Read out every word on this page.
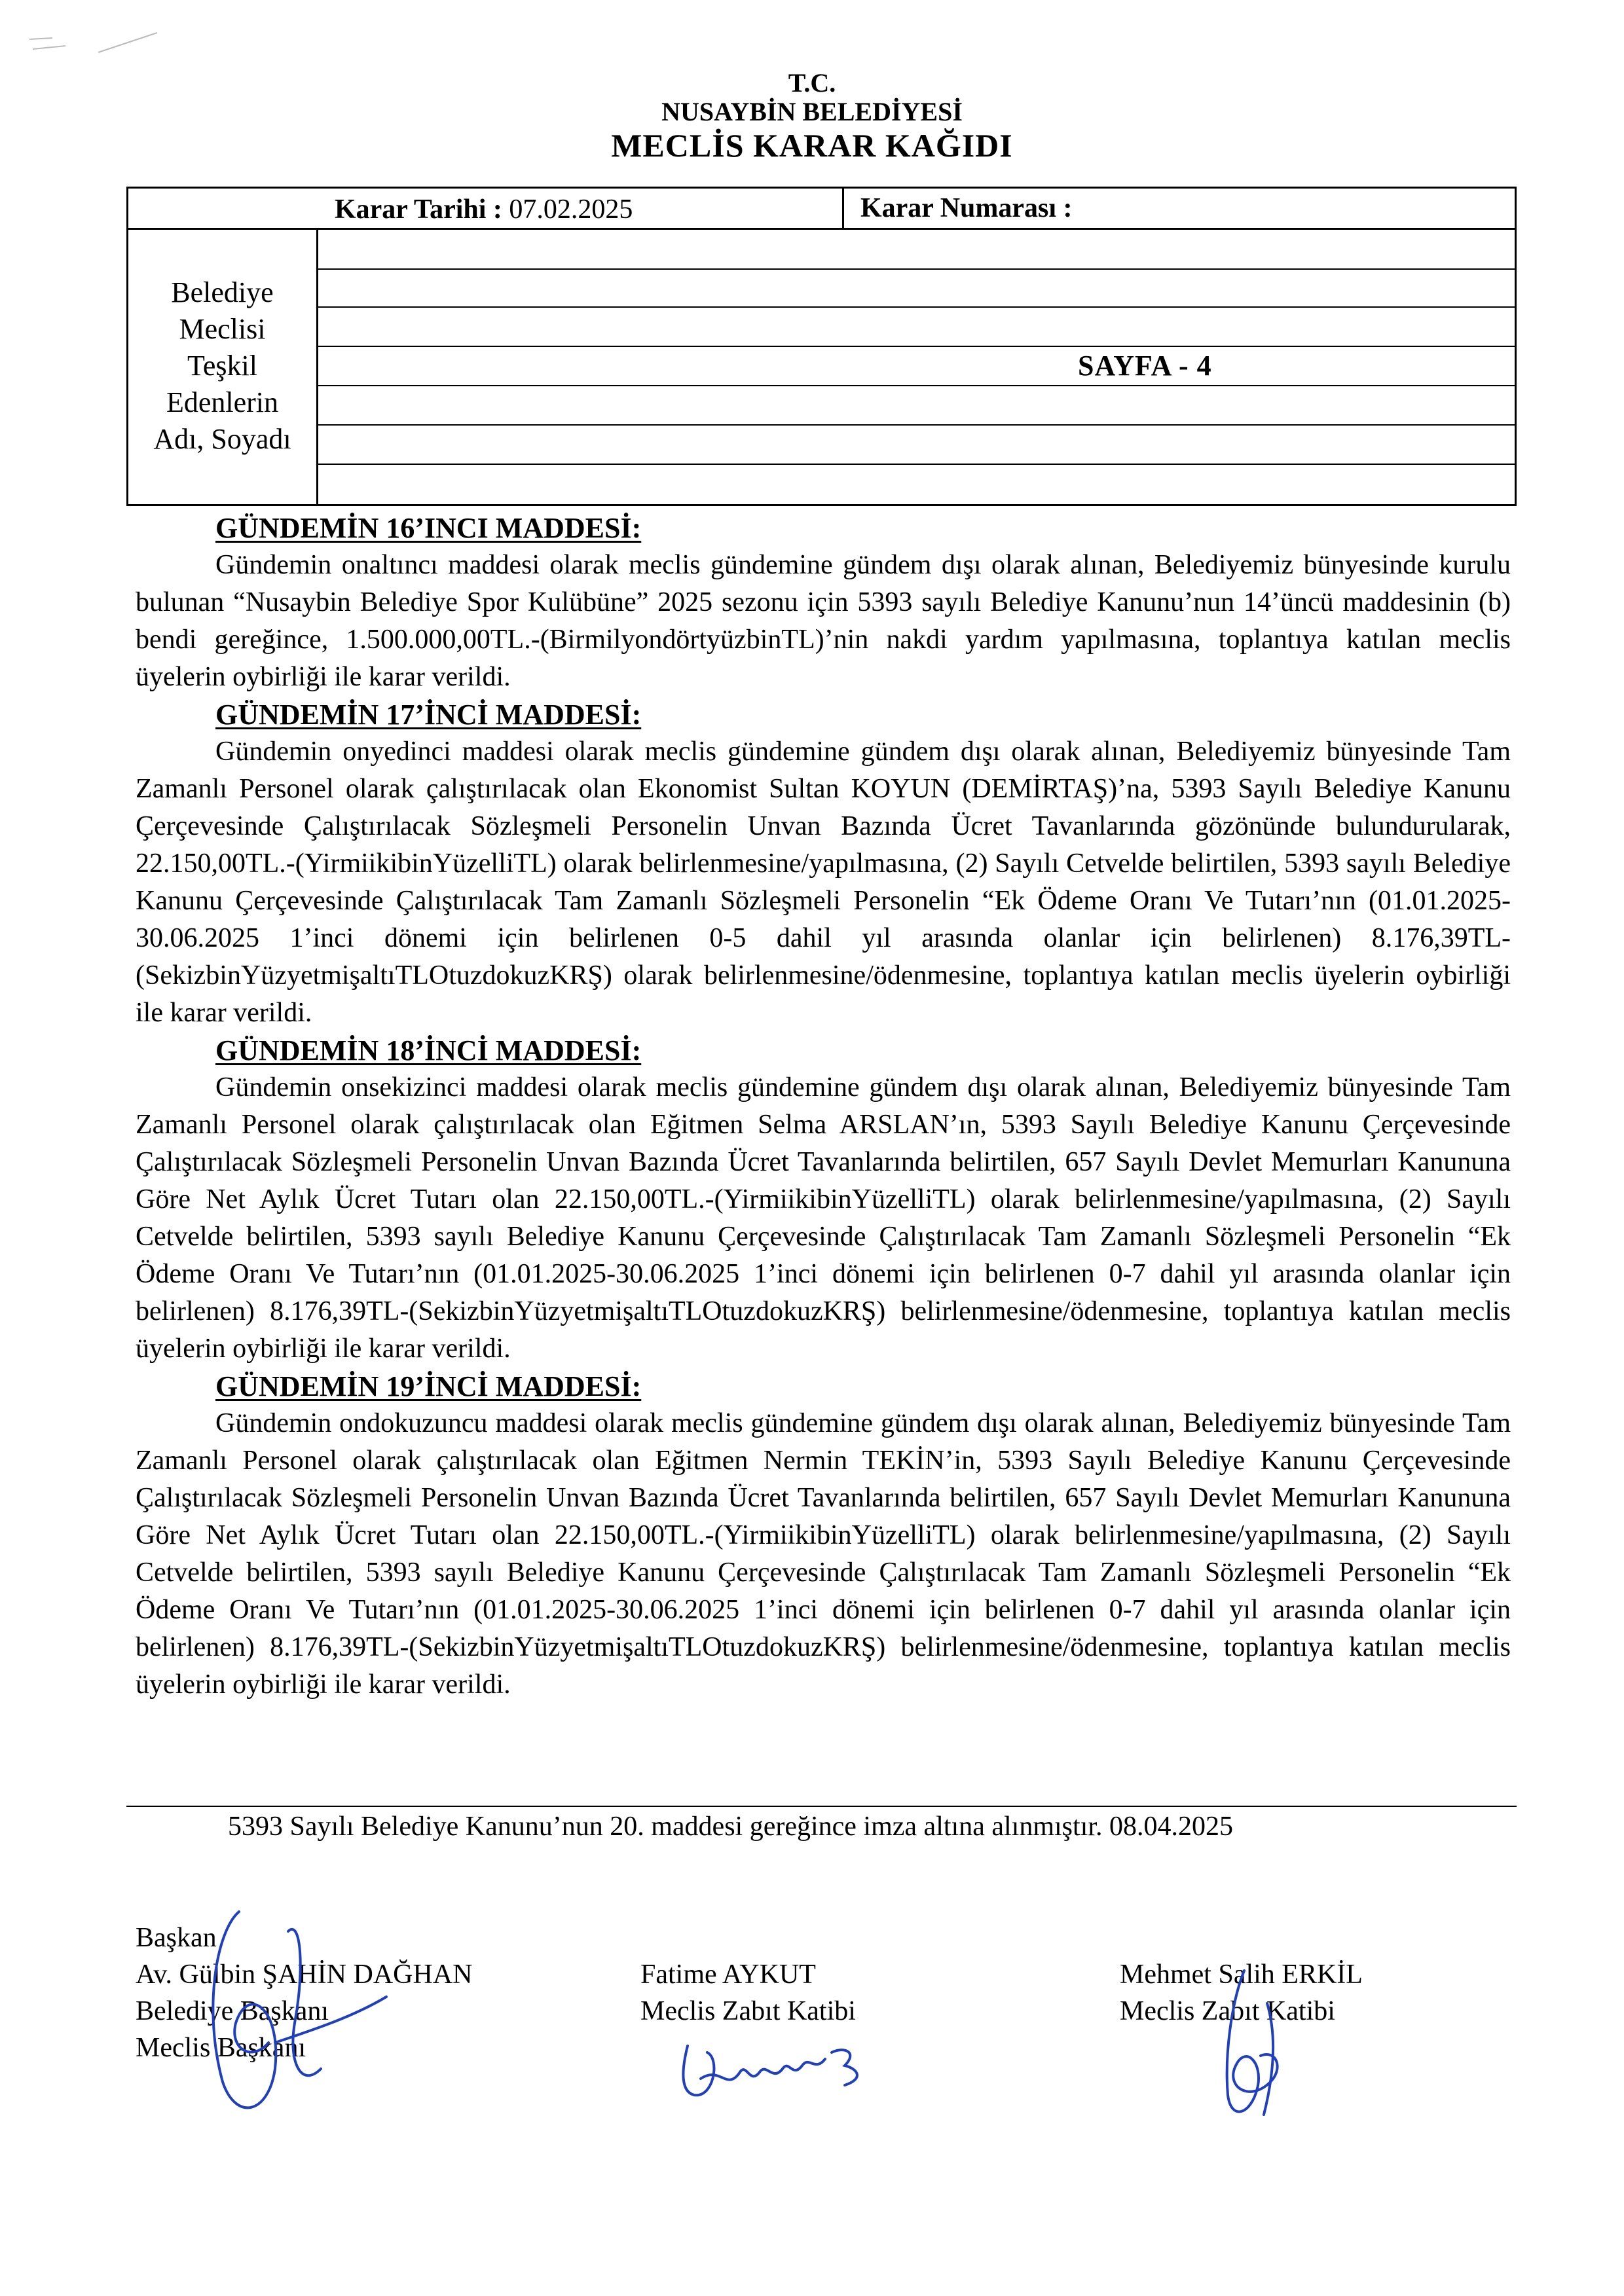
T.C.
NUSAYBİN BELEDİYESİ
MECLİS KARAR KAĞIDI
Karar Tarihi : 07.02.2025	Karar Numarası :
Belediye
Meclisi
Teşkil
Edenlerin
Adı, Soyadı
SAYFA - 4
GÜNDEMİN 16’INCI MADDESİ:

Gündemin onaltıncı maddesi olarak meclis gündemine gündem dışı olarak alınan, Belediyemiz bünyesinde kurulu bulunan “Nusaybin Belediye Spor Kulübüne” 2025 sezonu için 5393 sayılı Belediye Kanunu’nun 14’üncü maddesinin (b) bendi gereğince, 1.500.000,00TL.-(BirmilyondörtyüzbinTL)’nin nakdi yardım yapılmasına, toplantıya katılan meclis üyelerin oybirliği ile karar verildi.

GÜNDEMİN 17’İNCİ MADDESİ:

Gündemin onyedinci maddesi olarak meclis gündemine gündem dışı olarak alınan, Belediyemiz bünyesinde Tam Zamanlı Personel olarak çalıştırılacak olan Ekonomist Sultan KOYUN (DEMİRTAŞ)’na, 5393 Sayılı Belediye Kanunu Çerçevesinde Çalıştırılacak Sözleşmeli Personelin Unvan Bazında Ücret Tavanlarında gözönünde bulundurularak, 22.150,00TL.-(YirmiikibinYüzelliTL) olarak belirlenmesine/yapılmasına, (2) Sayılı Cetvelde belirtilen, 5393 sayılı Belediye Kanunu Çerçevesinde Çalıştırılacak Tam Zamanlı Sözleşmeli Personelin “Ek Ödeme Oranı Ve Tutarı’nın (01.01.2025-30.06.2025 1’inci dönemi için belirlenen 0-5 dahil yıl arasında olanlar için belirlenen) 8.176,39TL-(SekizbinYüzyetmişaltıTLOtuzdokuzKRŞ) olarak belirlenmesine/ödenmesine, toplantıya katılan meclis üyelerin oybirliği ile karar verildi.

GÜNDEMİN 18’İNCİ MADDESİ:

Gündemin onsekizinci maddesi olarak meclis gündemine gündem dışı olarak alınan, Belediyemiz bünyesinde Tam Zamanlı Personel olarak çalıştırılacak olan Eğitmen Selma ARSLAN’ın, 5393 Sayılı Belediye Kanunu Çerçevesinde Çalıştırılacak Sözleşmeli Personelin Unvan Bazında Ücret Tavanlarında belirtilen, 657 Sayılı Devlet Memurları Kanununa Göre Net Aylık Ücret Tutarı olan 22.150,00TL.-(YirmiikibinYüzelliTL) olarak belirlenmesine/yapılmasına, (2) Sayılı Cetvelde belirtilen, 5393 sayılı Belediye Kanunu Çerçevesinde Çalıştırılacak Tam Zamanlı Sözleşmeli Personelin “Ek Ödeme Oranı Ve Tutarı’nın (01.01.2025-30.06.2025 1’inci dönemi için belirlenen 0-7 dahil yıl arasında olanlar için belirlenen) 8.176,39TL-(SekizbinYüzyetmişaltıTLOtuzdokuzKRŞ) belirlenmesine/ödenmesine, toplantıya katılan meclis üyelerin oybirliği ile karar verildi.

GÜNDEMİN 19’İNCİ MADDESİ:

Gündemin ondokuzuncu maddesi olarak meclis gündemine gündem dışı olarak alınan, Belediyemiz bünyesinde Tam Zamanlı Personel olarak çalıştırılacak olan Eğitmen Nermin TEKİN’in, 5393 Sayılı Belediye Kanunu Çerçevesinde Çalıştırılacak Sözleşmeli Personelin Unvan Bazında Ücret Tavanlarında belirtilen, 657 Sayılı Devlet Memurları Kanununa Göre Net Aylık Ücret Tutarı olan 22.150,00TL.-(YirmiikibinYüzelliTL) olarak belirlenmesine/yapılmasına, (2) Sayılı Cetvelde belirtilen, 5393 sayılı Belediye Kanunu Çerçevesinde Çalıştırılacak Tam Zamanlı Sözleşmeli Personelin “Ek Ödeme Oranı Ve Tutarı’nın (01.01.2025-30.06.2025 1’inci dönemi için belirlenen 0-7 dahil yıl arasında olanlar için belirlenen) 8.176,39TL-(SekizbinYüzyetmişaltıTLOtuzdokuzKRŞ) belirlenmesine/ödenmesine, toplantıya katılan meclis üyelerin oybirliği ile karar verildi.

5393 Sayılı Belediye Kanunu’nun 20. maddesi gereğince imza altına alınmıştır. 08.04.2025
Başkan
Av. Gülbin ŞAHİN DAĞHAN
Belediye Başkanı
Meclis Başkanı
Fatime AYKUT
Meclis Zabıt Katibi
Mehmet Salih ERKİL
Meclis Zabıt Katibi
